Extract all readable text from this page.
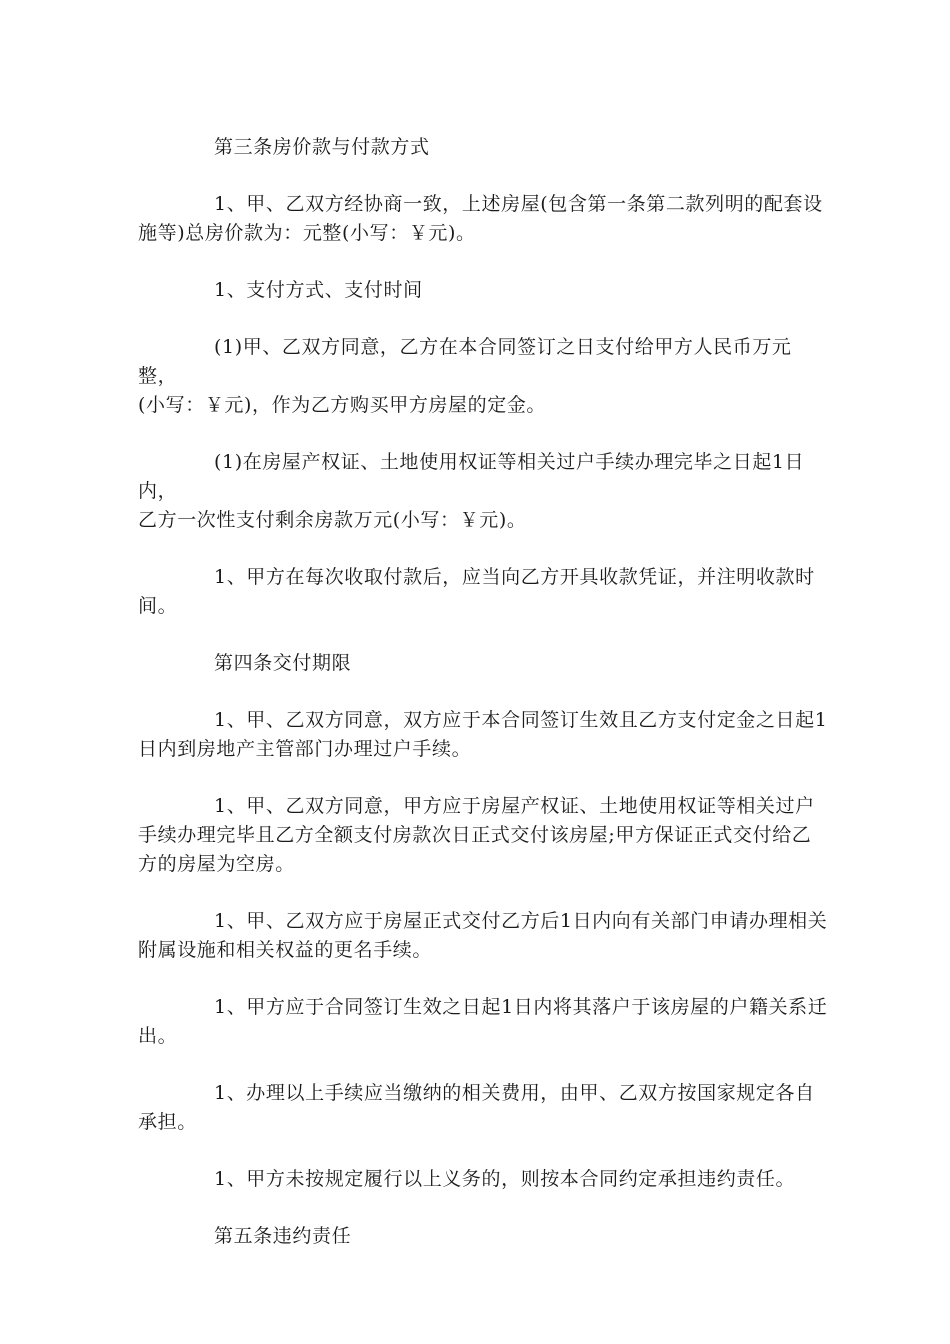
第三条房价款与付款方式

1、甲、乙双方经协商一致，上述房屋(包含第一条第二款列明的配套设
施等)总房价款为：元整(小写：￥元)。

1、支付方式、支付时间

(1)甲、乙双方同意，乙方在本合同签订之日支付给甲方人民币万元整，
(小写：￥元)，作为乙方购买甲方房屋的定金。

(1)在房屋产权证、土地使用权证等相关过户手续办理完毕之日起1日内，
乙方一次性支付剩余房款万元(小写：￥元)。

1、甲方在每次收取付款后，应当向乙方开具收款凭证，并注明收款时
间。

第四条交付期限

1、甲、乙双方同意，双方应于本合同签订生效且乙方支付定金之日起1
日内到房地产主管部门办理过户手续。

1、甲、乙双方同意，甲方应于房屋产权证、土地使用权证等相关过户
手续办理完毕且乙方全额支付房款次日正式交付该房屋;甲方保证正式交付给乙
方的房屋为空房。

1、甲、乙双方应于房屋正式交付乙方后1日内向有关部门申请办理相关
附属设施和相关权益的更名手续。

1、甲方应于合同签订生效之日起1日内将其落户于该房屋的户籍关系迁
出。

1、办理以上手续应当缴纳的相关费用，由甲、乙双方按国家规定各自
承担。

1、甲方未按规定履行以上义务的，则按本合同约定承担违约责任。

第五条违约责任
